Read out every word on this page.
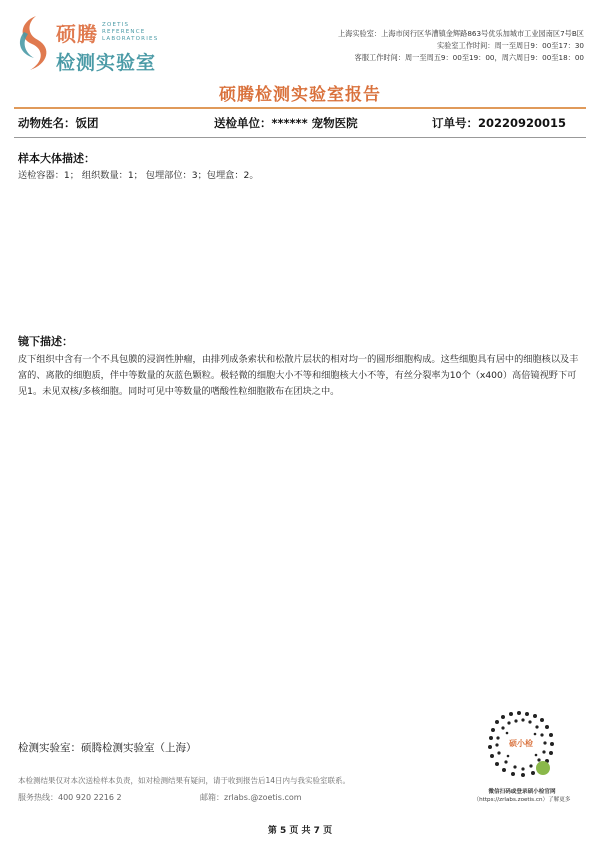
硕腾 ZOETIS REFERENCE LABORATORIES
检测实验室
上海实验室：上海市闵行区华漕镇金辉路863号优乐加城市工业园南区7号B区
实验室工作时间：周一至周日9：00至17：30
客服工作时间：周一至周五9：00至19：00，周六周日9：00至18：00
硕腾检测实验室报告
动物姓名：饭团	送检单位：****** 宠物医院	订单号：20220920015
样本大体描述：
送检容器：1； 组织数量：1； 包埋部位：3；包埋盒：2。
镜下描述：
皮下组织中含有一个不具包膜的浸润性肿瘤，由排列成条索状和松散片层状的相对均一的圆形细胞构成。这些细胞具有居中的细胞核以及丰富的、离散的细胞质，伴中等数量的灰蓝色颗粒。极轻微的细胞大小不等和细胞核大小不等，有丝分裂率为10个（x400）高倍镜视野下可见1。未见双核/多核细胞。同时可见中等数量的嗜酸性粒细胞散布在团块之中。
检测实验室：硕腾检测实验室（上海）
本检测结果仅对本次送检样本负责，如对检测结果有疑问，请于收到报告后14日内与我实验室联系。
服务热线：400 920 2216 2	邮箱：zrlabs.@zoetis.com
硕小检
微信扫码或登录硕小检官网
（https://zrlabs.zoetis.cn）了解更多
第 5 页 共 7 页
